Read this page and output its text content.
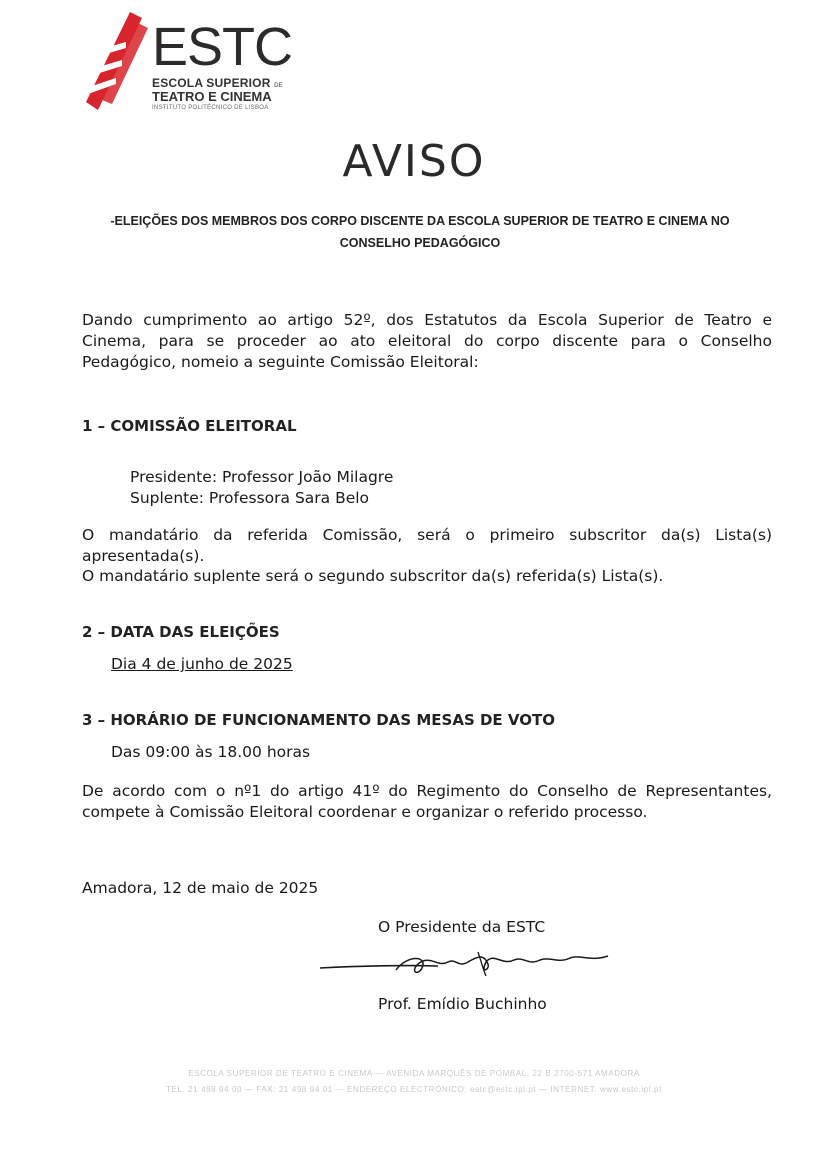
ESTC
ESCOLA SUPERIOR DE
TEATRO E CINEMA
INSTITUTO POLITÉCNICO DE LISBOA
AVISO
-ELEIÇÕES DOS MEMBROS DOS CORPO DISCENTE DA ESCOLA SUPERIOR DE TEATRO E CINEMA NO
CONSELHO PEDAGÓGICO
Dando cumprimento ao artigo 52º, dos Estatutos da Escola Superior de Teatro e Cinema, para se proceder ao ato eleitoral do corpo discente para o Conselho Pedagógico, nomeio a seguinte Comissão Eleitoral:
1 – COMISSÃO ELEITORAL
Presidente: Professor João Milagre
Suplente: Professora Sara Belo
O mandatário da referida Comissão, será o primeiro subscritor da(s) Lista(s) apresentada(s).
O mandatário suplente será o segundo subscritor da(s) referida(s) Lista(s).
2 – DATA DAS ELEIÇÕES
Dia 4 de junho de 2025
3 – HORÁRIO DE FUNCIONAMENTO DAS MESAS DE VOTO
Das 09:00 às 18.00 horas
De acordo com o nº1 do artigo 41º do Regimento do Conselho de Representantes, compete à Comissão Eleitoral coordenar e organizar o referido processo.
Amadora, 12 de maio de 2025
O Presidente da ESTC
Prof. Emídio Buchinho
ESCOLA SUPERIOR DE TEATRO E CINEMA — AVENIDA MARQUÊS DE POMBAL, 22 B 2700-571 AMADORA
TEL. 21 498 94 00 — FAX: 21 498 94 01 — ENDEREÇO ELECTRÓNICO: estc@estc.ipl.pt — INTERNET: www.estc.ipl.pt
